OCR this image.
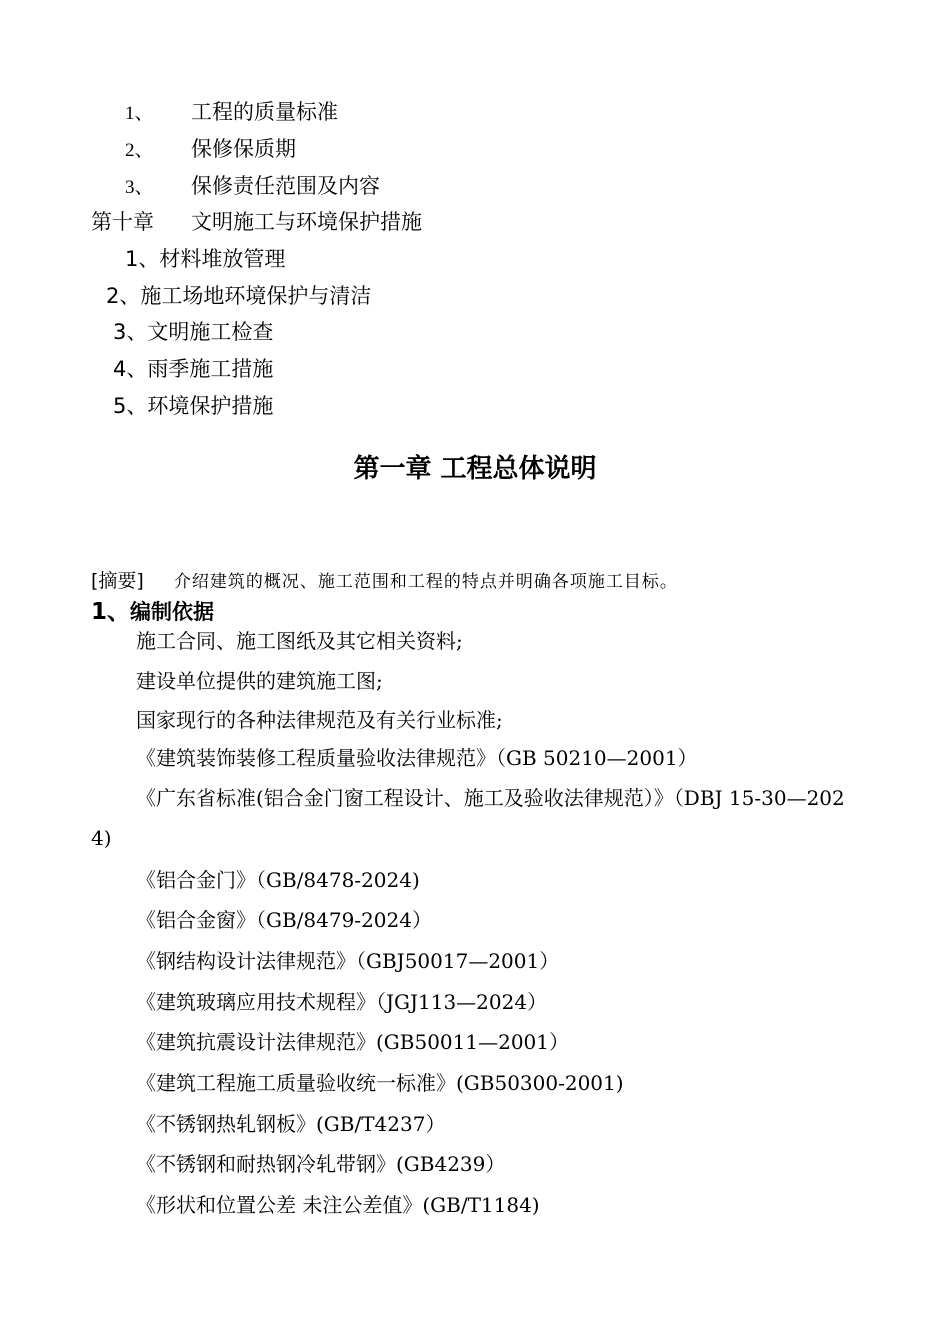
1、 工程的质量标准
2、 保修保质期
3、 保修责任范围及内容
第十章 文明施工与环境保护措施
1、材料堆放管理
2、施工场地环境保护与清洁
3、文明施工检查
4、雨季施工措施
5、环境保护措施
第一章 工程总体说明
[摘要] 介绍建筑的概况、施工范围和工程的特点并明确各项施工目标。
1、编制依据
施工合同、施工图纸及其它相关资料;
建设单位提供的建筑施工图;
国家现行的各种法律规范及有关行业标准;
《建筑装饰装修工程质量验收法律规范》（GB 50210—2001）
《广东省标准(铝合金门窗工程设计、施工及验收法律规范）》（DBJ 15-30—2024)
《铝合金门》（GB/8478-2024)
《铝合金窗》（GB/8479-2024）
《钢结构设计法律规范》（GBJ50017—2001）
《建筑玻璃应用技术规程》（JGJ113—2024）
《建筑抗震设计法律规范》(GB50011—2001）
《建筑工程施工质量验收统一标准》(GB50300-2001)
《不锈钢热轧钢板》(GB/T4237）
《不锈钢和耐热钢冷轧带钢》(GB4239）
《形状和位置公差 未注公差值》(GB/T1184)
